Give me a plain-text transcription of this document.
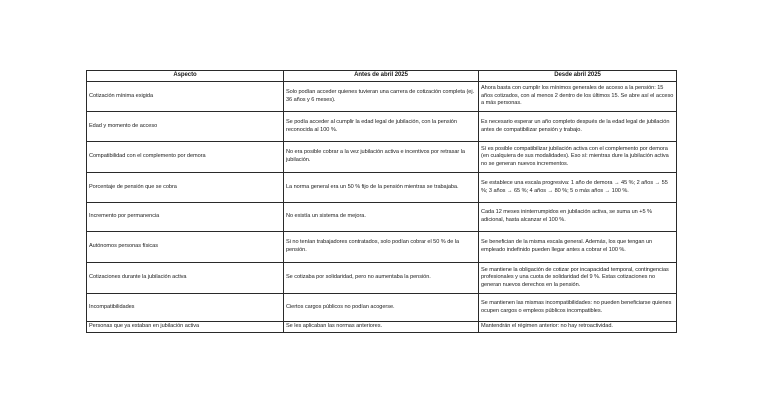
Aspecto	Antes de abril 2025	Desde abril 2025
Cotización mínima exigida	Solo podían acceder quienes tuvieran una carrera de cotización completa (ej. 36 años y 6 meses).	Ahora basta con cumplir los mínimos generales de acceso a la pensión: 15 años cotizados, con al menos 2 dentro de los últimos 15. Se abre así el acceso a más personas.
Edad y momento de acceso	Se podía acceder al cumplir la edad legal de jubilación, con la pensión reconocida al 100 %.	Es necesario esperar un año completo después de la edad legal de jubilación antes de compatibilizar pensión y trabajo.
Compatibilidad con el complemento por demora	No era posible cobrar a la vez jubilación activa e incentivos por retrasar la jubilación.	Sí es posible compatibilizar jubilación activa con el complemento por demora (en cualquiera de sus modalidades). Eso sí: mientras dure la jubilación activa no se generan nuevos incrementos.
Porcentaje de pensión que se cobra	La norma general era un 50 % fijo de la pensión mientras se trabajaba.	Se establece una escala progresiva: 1 año de demora → 45 %; 2 años → 55 %; 3 años → 65 %; 4 años → 80 %; 5 o más años → 100 %.
Incremento por permanencia	No existía un sistema de mejora.	Cada 12 meses ininterrumpidos en jubilación activa, se suma un +5 % adicional, hasta alcanzar el 100 %.
Autónomos personas físicas	Si no tenían trabajadores contratados, solo podían cobrar el 50 % de la pensión.	Se benefician de la misma escala general. Además, los que tengan un empleado indefinido pueden llegar antes a cobrar el 100 %.
Cotizaciones durante la jubilación activa	Se cotizaba por solidaridad, pero no aumentaba la pensión.	Se mantiene la obligación de cotizar por incapacidad temporal, contingencias profesionales y una cuota de solidaridad del 9 %. Estas cotizaciones no generan nuevos derechos en la pensión.
Incompatibilidades	Ciertos cargos públicos no podían acogerse.	Se mantienen las mismas incompatibilidades: no pueden beneficiarse quienes ocupen cargos o empleos públicos incompatibles.
Personas que ya estaban en jubilación activa	Se les aplicaban las normas anteriores.	Mantendrán el régimen anterior: no hay retroactividad.
